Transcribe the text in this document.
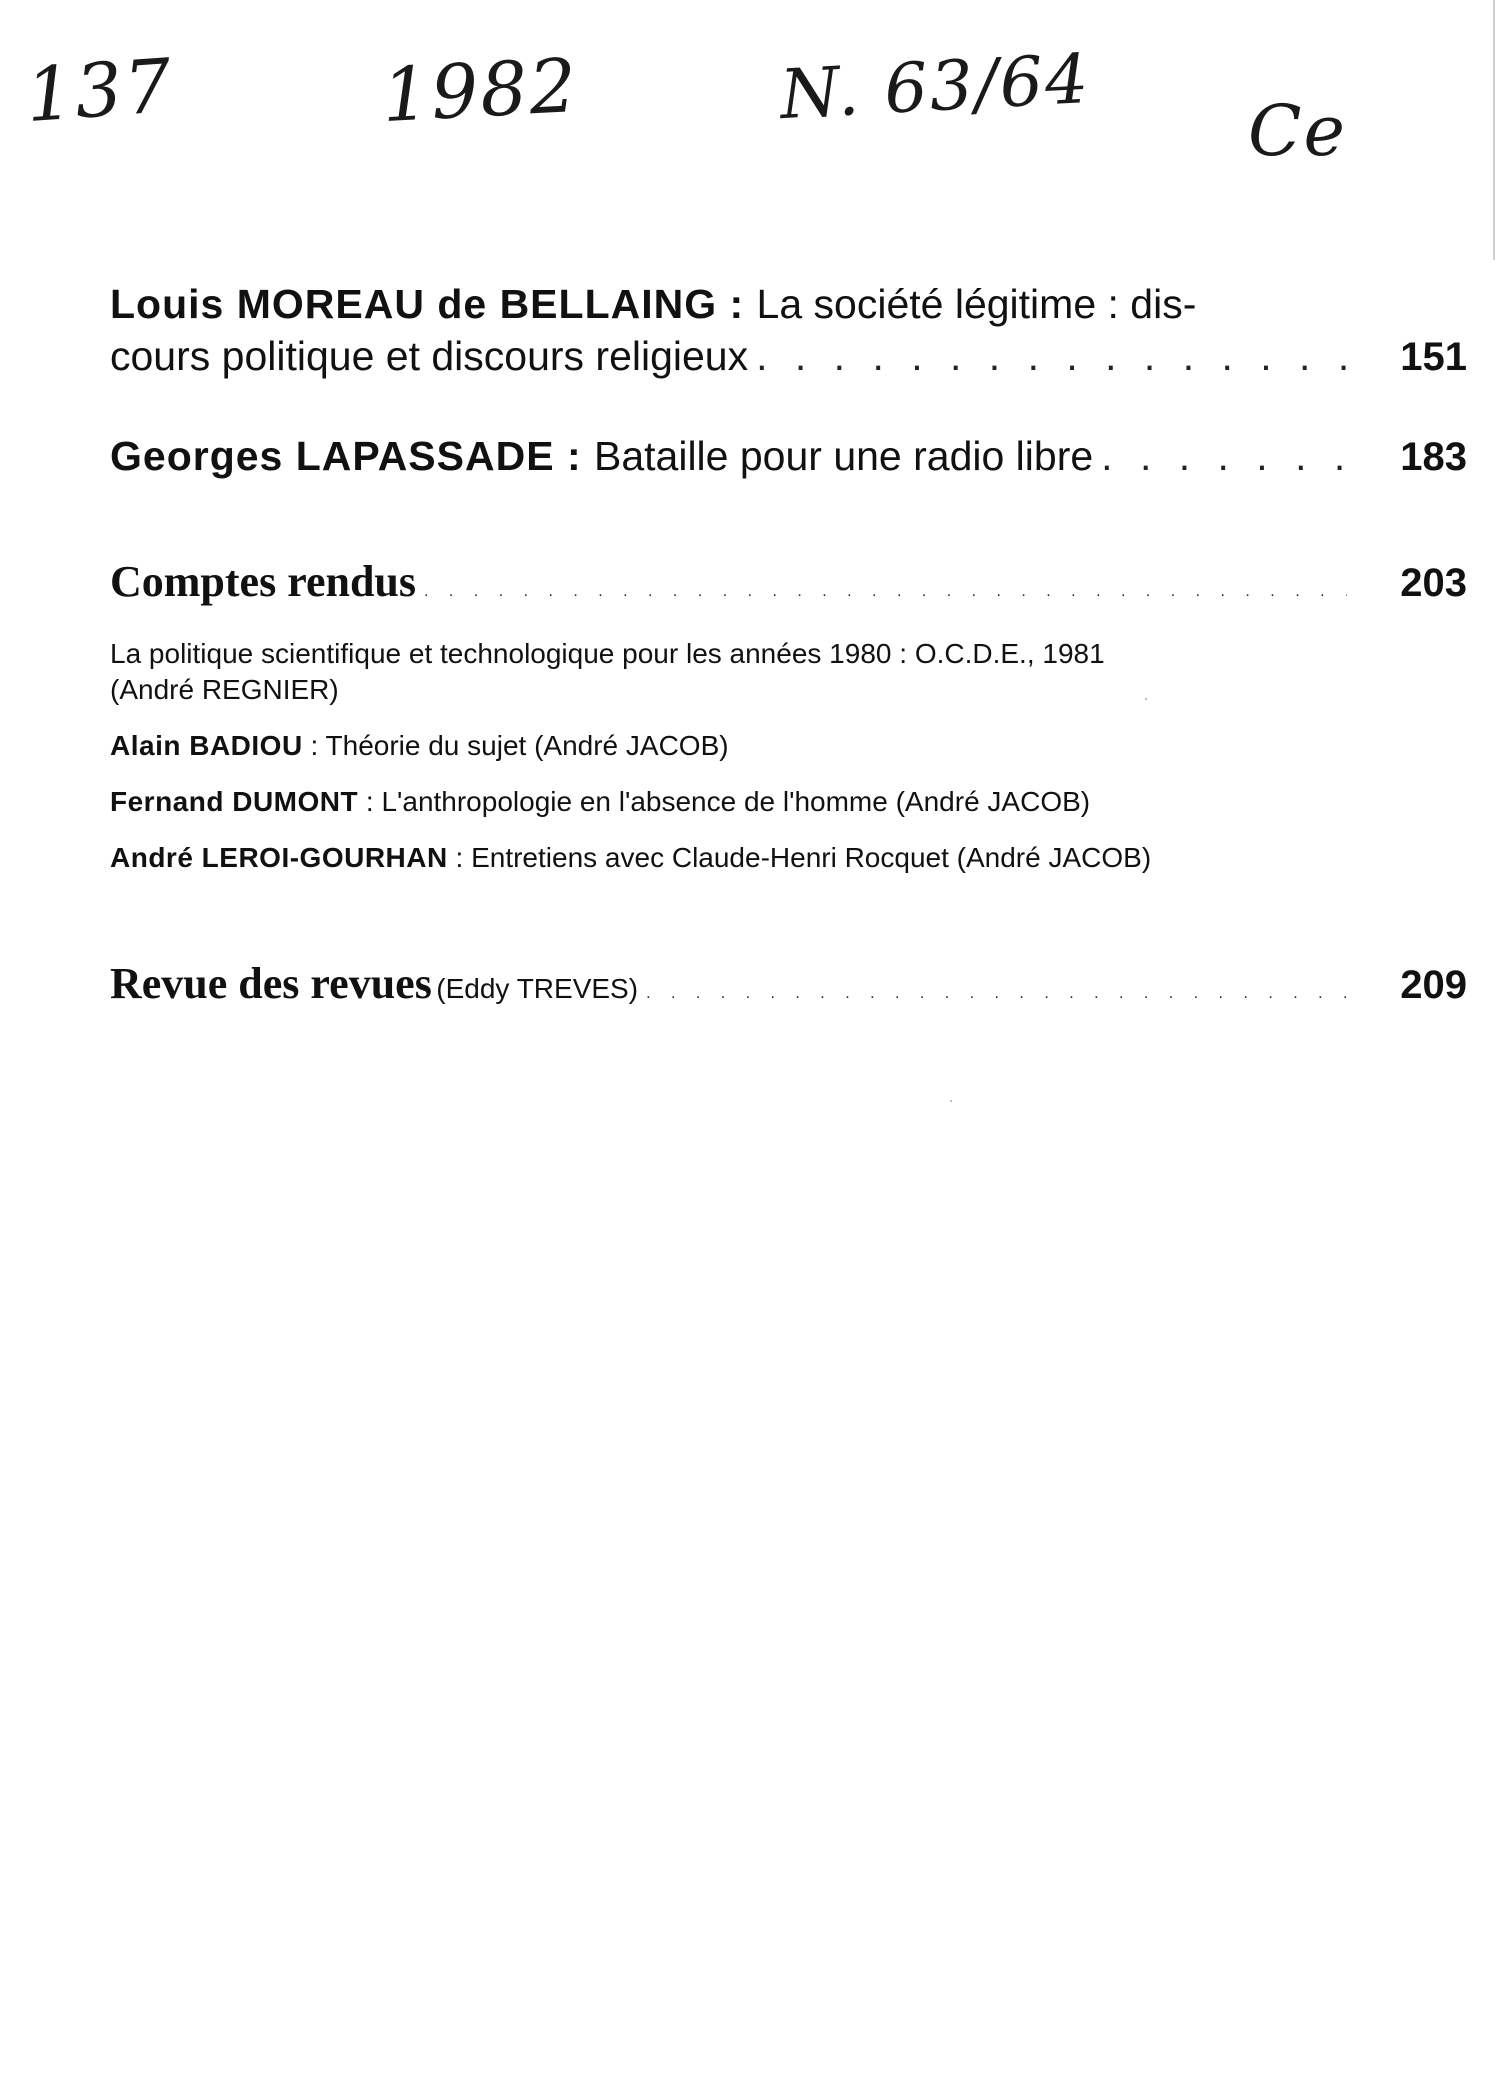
137	1982	N. 63/64 Ce
Louis MOREAU de BELLAING : La société légitime : dis-
cours politique et discours religieux . . .	151
Georges LAPASSADE : Bataille pour une radio libre . . .	183
Comptes rendus . . .	203
La politique scientifique et technologique pour les années 1980 : O.C.D.E., 1981
(André REGNIER)
Alain BADIOU : Théorie du sujet (André JACOB)
Fernand DUMONT : L'anthropologie en l'absence de l'homme (André JACOB)
André LEROI-GOURHAN : Entretiens avec Claude-Henri Rocquet (André JACOB)
Revue des revues (Eddy TREVES) . . .	209
